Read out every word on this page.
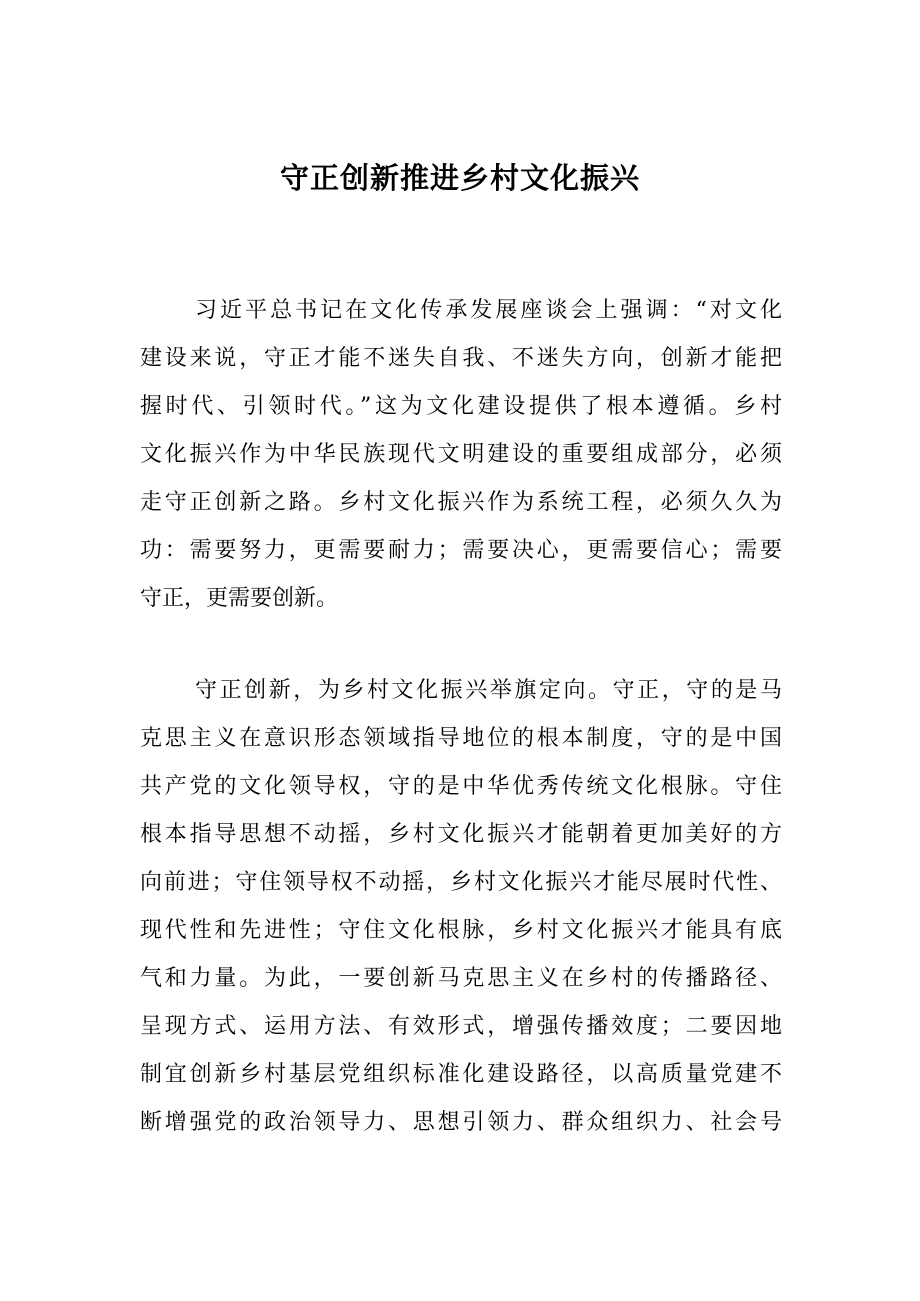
守正创新推进乡村文化振兴
习近平总书记在文化传承发展座谈会上强调：“对文化
建设来说，守正才能不迷失自我、不迷失方向，创新才能把
握时代、引领时代。”这为文化建设提供了根本遵循。乡村
文化振兴作为中华民族现代文明建设的重要组成部分，必须
走守正创新之路。乡村文化振兴作为系统工程，必须久久为
功：需要努力，更需要耐力；需要决心，更需要信心；需要
守正，更需要创新。
守正创新，为乡村文化振兴举旗定向。守正，守的是马
克思主义在意识形态领域指导地位的根本制度，守的是中国
共产党的文化领导权，守的是中华优秀传统文化根脉。守住
根本指导思想不动摇，乡村文化振兴才能朝着更加美好的方
向前进；守住领导权不动摇，乡村文化振兴才能尽展时代性、
现代性和先进性；守住文化根脉，乡村文化振兴才能具有底
气和力量。为此，一要创新马克思主义在乡村的传播路径、
呈现方式、运用方法、有效形式，增强传播效度；二要因地
制宜创新乡村基层党组织标准化建设路径，以高质量党建不
断增强党的政治领导力、思想引领力、群众组织力、社会号
